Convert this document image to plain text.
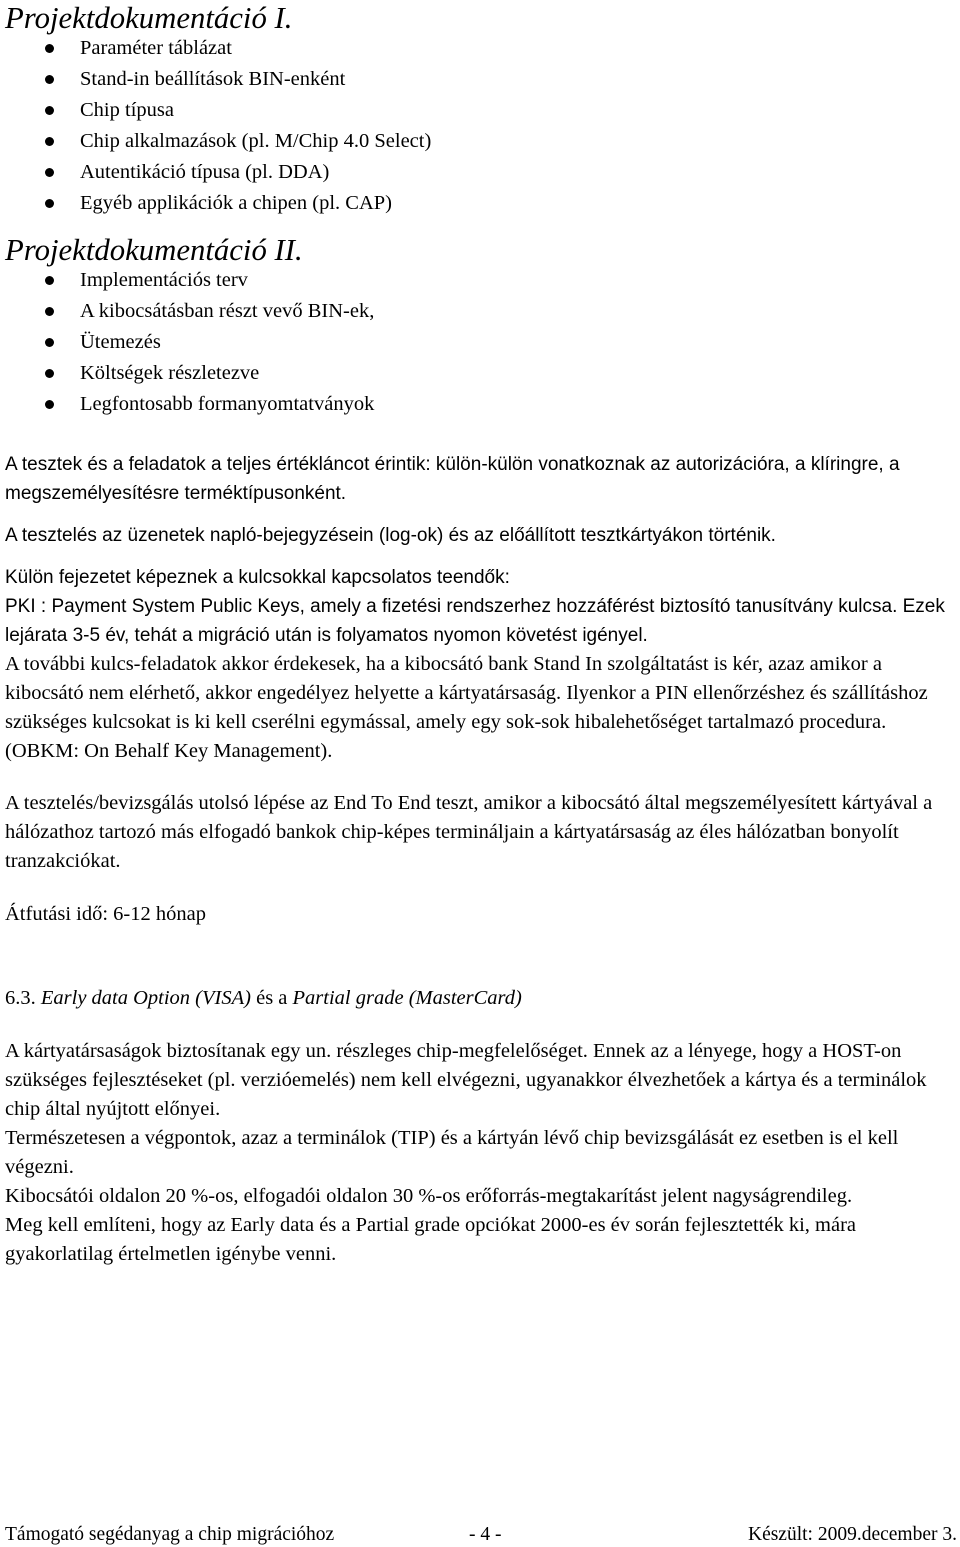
Projektdokumentáció I.
Paraméter táblázat
Stand-in beállítások BIN-enként
Chip típusa
Chip alkalmazások (pl. M/Chip 4.0 Select)
Autentikáció típusa (pl. DDA)
Egyéb applikációk a chipen (pl. CAP)
Projektdokumentáció II.
Implementációs terv
A kibocsátásban részt vevő BIN-ek,
Ütemezés
Költségek részletezve
Legfontosabb formanyomtatványok

A tesztek és a feladatok a teljes értékláncot érintik: külön-külön vonatkoznak az autorizációra, a klíringre, a megszemélyesítésre terméktípusonként.

A tesztelés az üzenetek napló-bejegyzésein (log-ok) és az előállított tesztkártyákon történik.

Külön fejezetet képeznek a kulcsokkal kapcsolatos teendők:

PKI : Payment System Public Keys, amely a fizetési rendszerhez hozzáférést biztosító tanusítvány kulcsa. Ezek lejárata 3-5 év, tehát a migráció után is folyamatos nyomon követést igényel.

A további kulcs-feladatok akkor érdekesek, ha a kibocsátó bank Stand In szolgáltatást is kér, azaz amikor a kibocsátó nem elérhető, akkor engedélyez helyette a kártyatársaság. Ilyenkor a PIN ellenőrzéshez és szállításhoz szükséges kulcsokat is ki kell cserélni egymással, amely egy sok-sok hibalehetőséget tartalmazó procedura. (OBKM: On Behalf Key Management).

A tesztelés/bevizsgálás utolsó lépése az End To End teszt, amikor a kibocsátó által megszemélyesített kártyával a hálózathoz tartozó más elfogadó bankok chip-képes termináljain a kártyatársaság az éles hálózatban bonyolít tranzakciókat.

Átfutási idő: 6-12 hónap

6.3. Early data Option (VISA) és a Partial grade (MasterCard)

A kártyatársaságok biztosítanak egy un. részleges chip-megfelelőséget. Ennek az a lényege, hogy a HOST-on szükséges fejlesztéseket (pl. verzióemelés) nem kell elvégezni, ugyanakkor élvezhetőek a kártya és a terminálok chip által nyújtott előnyei.

Természetesen a végpontok, azaz a terminálok (TIP) és a kártyán lévő chip bevizsgálását ez esetben is el kell végezni.

Kibocsátói oldalon 20 %-os, elfogadói oldalon 30 %-os erőforrás-megtakarítást jelent nagyságrendileg.

Meg kell említeni, hogy az Early data és a Partial grade opciókat 2000-es év során fejlesztették ki, mára gyakorlatilag értelmetlen igénybe venni.

Támogató segédanyag a chip migrációhoz	- 4 -	Készült: 2009.december 3.
